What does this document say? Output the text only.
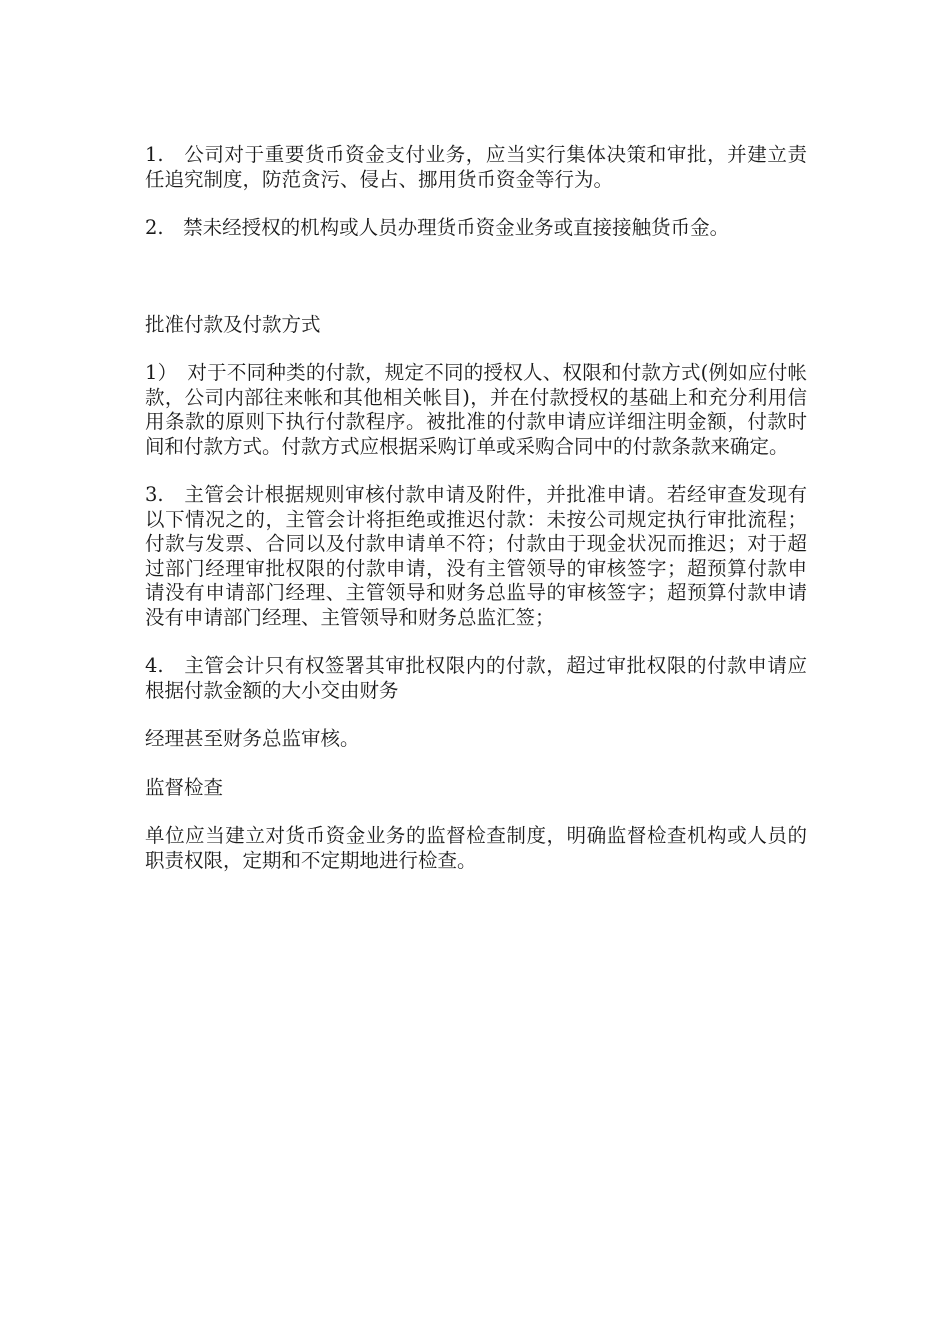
1.　公司对于重要货币资金支付业务，应当实行集体决策和审批，并建立责任追究制度，防范贪污、侵占、挪用货币资金等行为。

2.　禁未经授权的机构或人员办理货币资金业务或直接接触货币金。

批准付款及付款方式

1）　对于不同种类的付款，规定不同的授权人、权限和付款方式(例如应付帐款，公司内部往来帐和其他相关帐目)，并在付款授权的基础上和充分利用信用条款的原则下执行付款程序。被批准的付款申请应详细注明金额，付款时间和付款方式。付款方式应根据采购订单或采购合同中的付款条款来确定。

3.　主管会计根据规则审核付款申请及附件，并批准申请。若经审查发现有以下情况之的，主管会计将拒绝或推迟付款：未按公司规定执行审批流程；付款与发票、合同以及付款申请单不符；付款由于现金状况而推迟；对于超过部门经理审批权限的付款申请，没有主管领导的审核签字；超预算付款申请没有申请部门经理、主管领导和财务总监导的审核签字；超预算付款申请没有申请部门经理、主管领导和财务总监汇签；

4.　主管会计只有权签署其审批权限内的付款，超过审批权限的付款申请应根据付款金额的大小交由财务

经理甚至财务总监审核。

监督检查

单位应当建立对货币资金业务的监督检查制度，明确监督检查机构或人员的职责权限，定期和不定期地进行检查。
